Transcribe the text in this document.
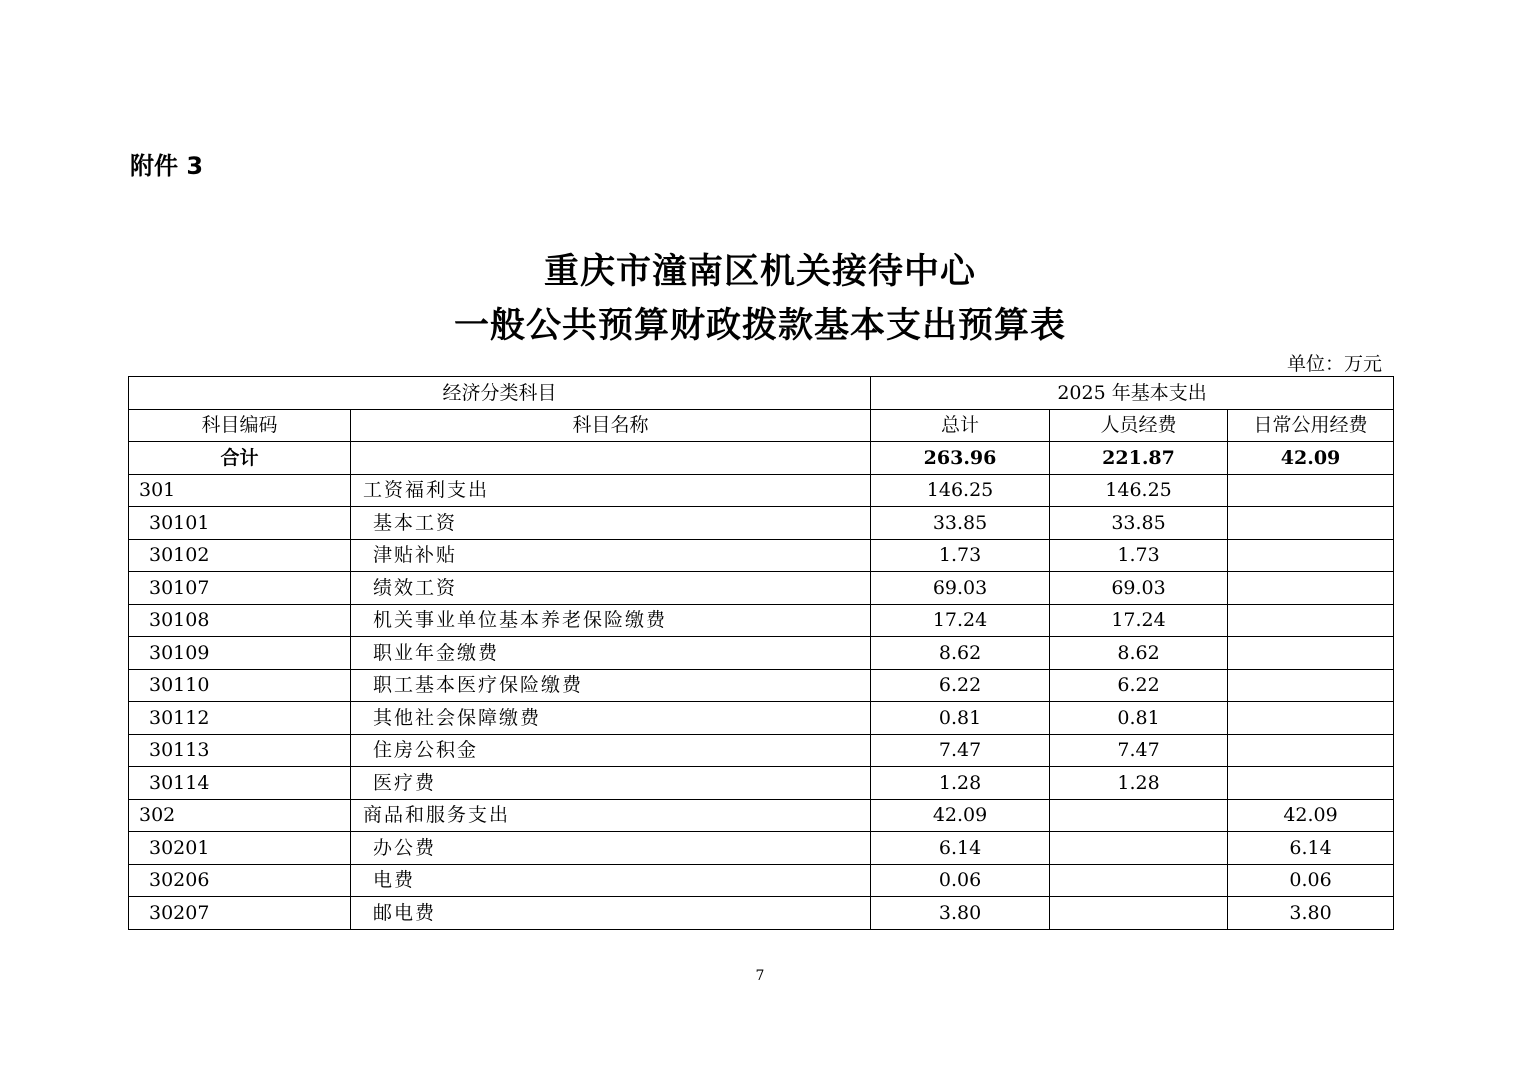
附件 3
重庆市潼南区机关接待中心
一般公共预算财政拨款基本支出预算表
单位：万元
经济分类科目		2025 年基本支出		
科目编码	科目名称	总计	人员经费	日常公用经费
合计		263.96	221.87	42.09
301	工资福利支出	146.25	146.25	
30101	基本工资	33.85	33.85	
30102	津贴补贴	1.73	1.73	
30107	绩效工资	69.03	69.03	
30108	机关事业单位基本养老保险缴费	17.24	17.24	
30109	职业年金缴费	8.62	8.62	
30110	职工基本医疗保险缴费	6.22	6.22	
30112	其他社会保障缴费	0.81	0.81	
30113	住房公积金	7.47	7.47	
30114	医疗费	1.28	1.28	
302	商品和服务支出	42.09		42.09
30201	办公费	6.14		6.14
30206	电费	0.06		0.06
30207	邮电费	3.80		3.80
7
